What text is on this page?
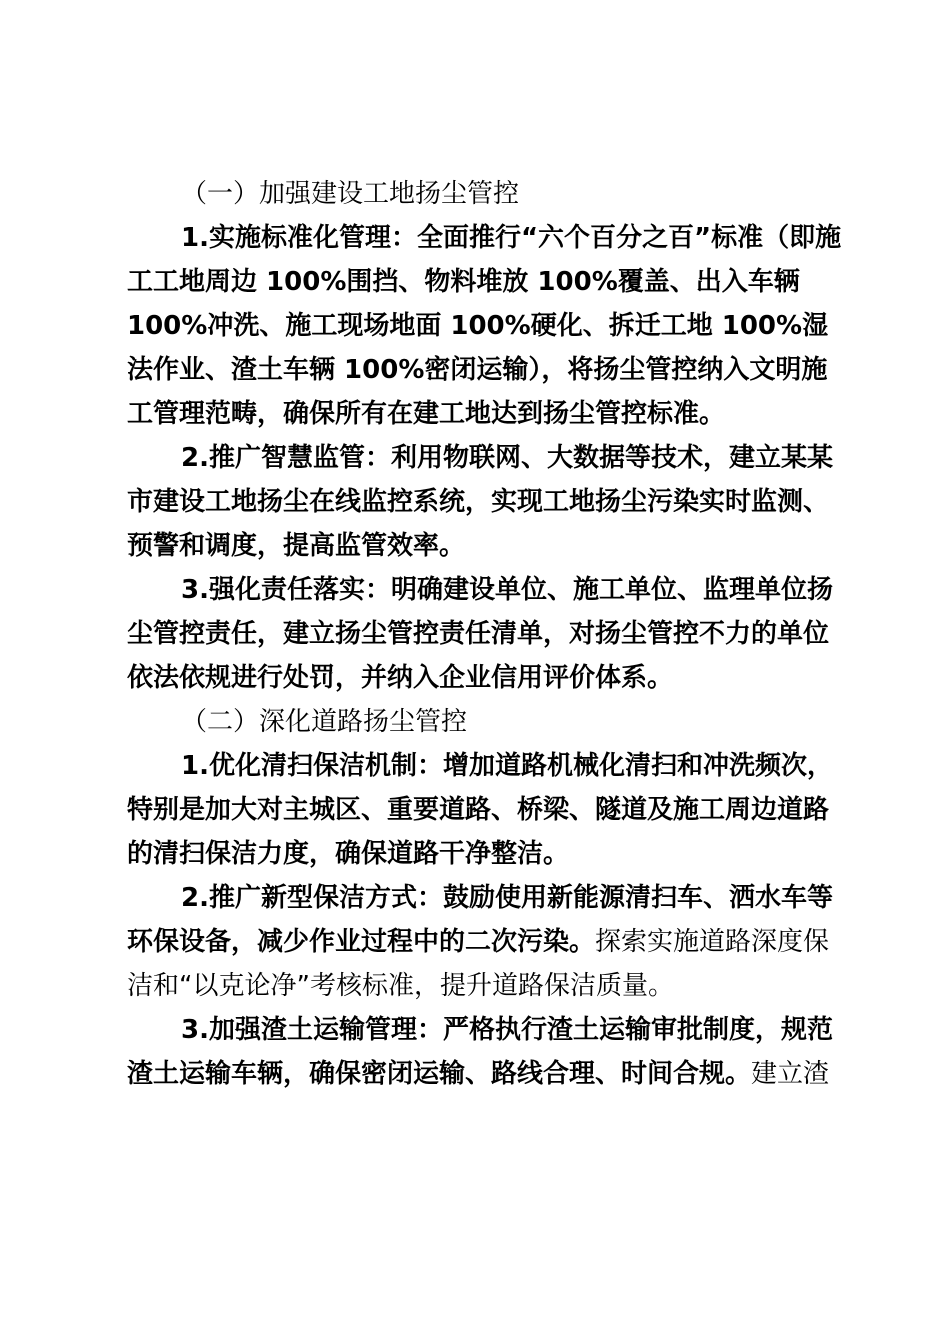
（一）加强建设工地扬尘管控
1.实施标准化管理：全面推行“六个百分之百”标准（即施
工工地周边 100%围挡、物料堆放 100%覆盖、出入车辆
100%冲洗、施工现场地面 100%硬化、拆迁工地 100%湿
法作业、渣土车辆 100%密闭运输），将扬尘管控纳入文明施
工管理范畴，确保所有在建工地达到扬尘管控标准。
2.推广智慧监管：利用物联网、大数据等技术，建立某某
市建设工地扬尘在线监控系统，实现工地扬尘污染实时监测、
预警和调度，提高监管效率。
3.强化责任落实：明确建设单位、施工单位、监理单位扬
尘管控责任，建立扬尘管控责任清单，对扬尘管控不力的单位
依法依规进行处罚，并纳入企业信用评价体系。
（二）深化道路扬尘管控
1.优化清扫保洁机制：增加道路机械化清扫和冲洗频次，
特别是加大对主城区、重要道路、桥梁、隧道及施工周边道路
的清扫保洁力度，确保道路干净整洁。
2.推广新型保洁方式：鼓励使用新能源清扫车、洒水车等
环保设备，减少作业过程中的二次污染。探索实施道路深度保
洁和“以克论净”考核标准，提升道路保洁质量。
3.加强渣土运输管理：严格执行渣土运输审批制度，规范
渣土运输车辆，确保密闭运输、路线合理、时间合规。建立渣
